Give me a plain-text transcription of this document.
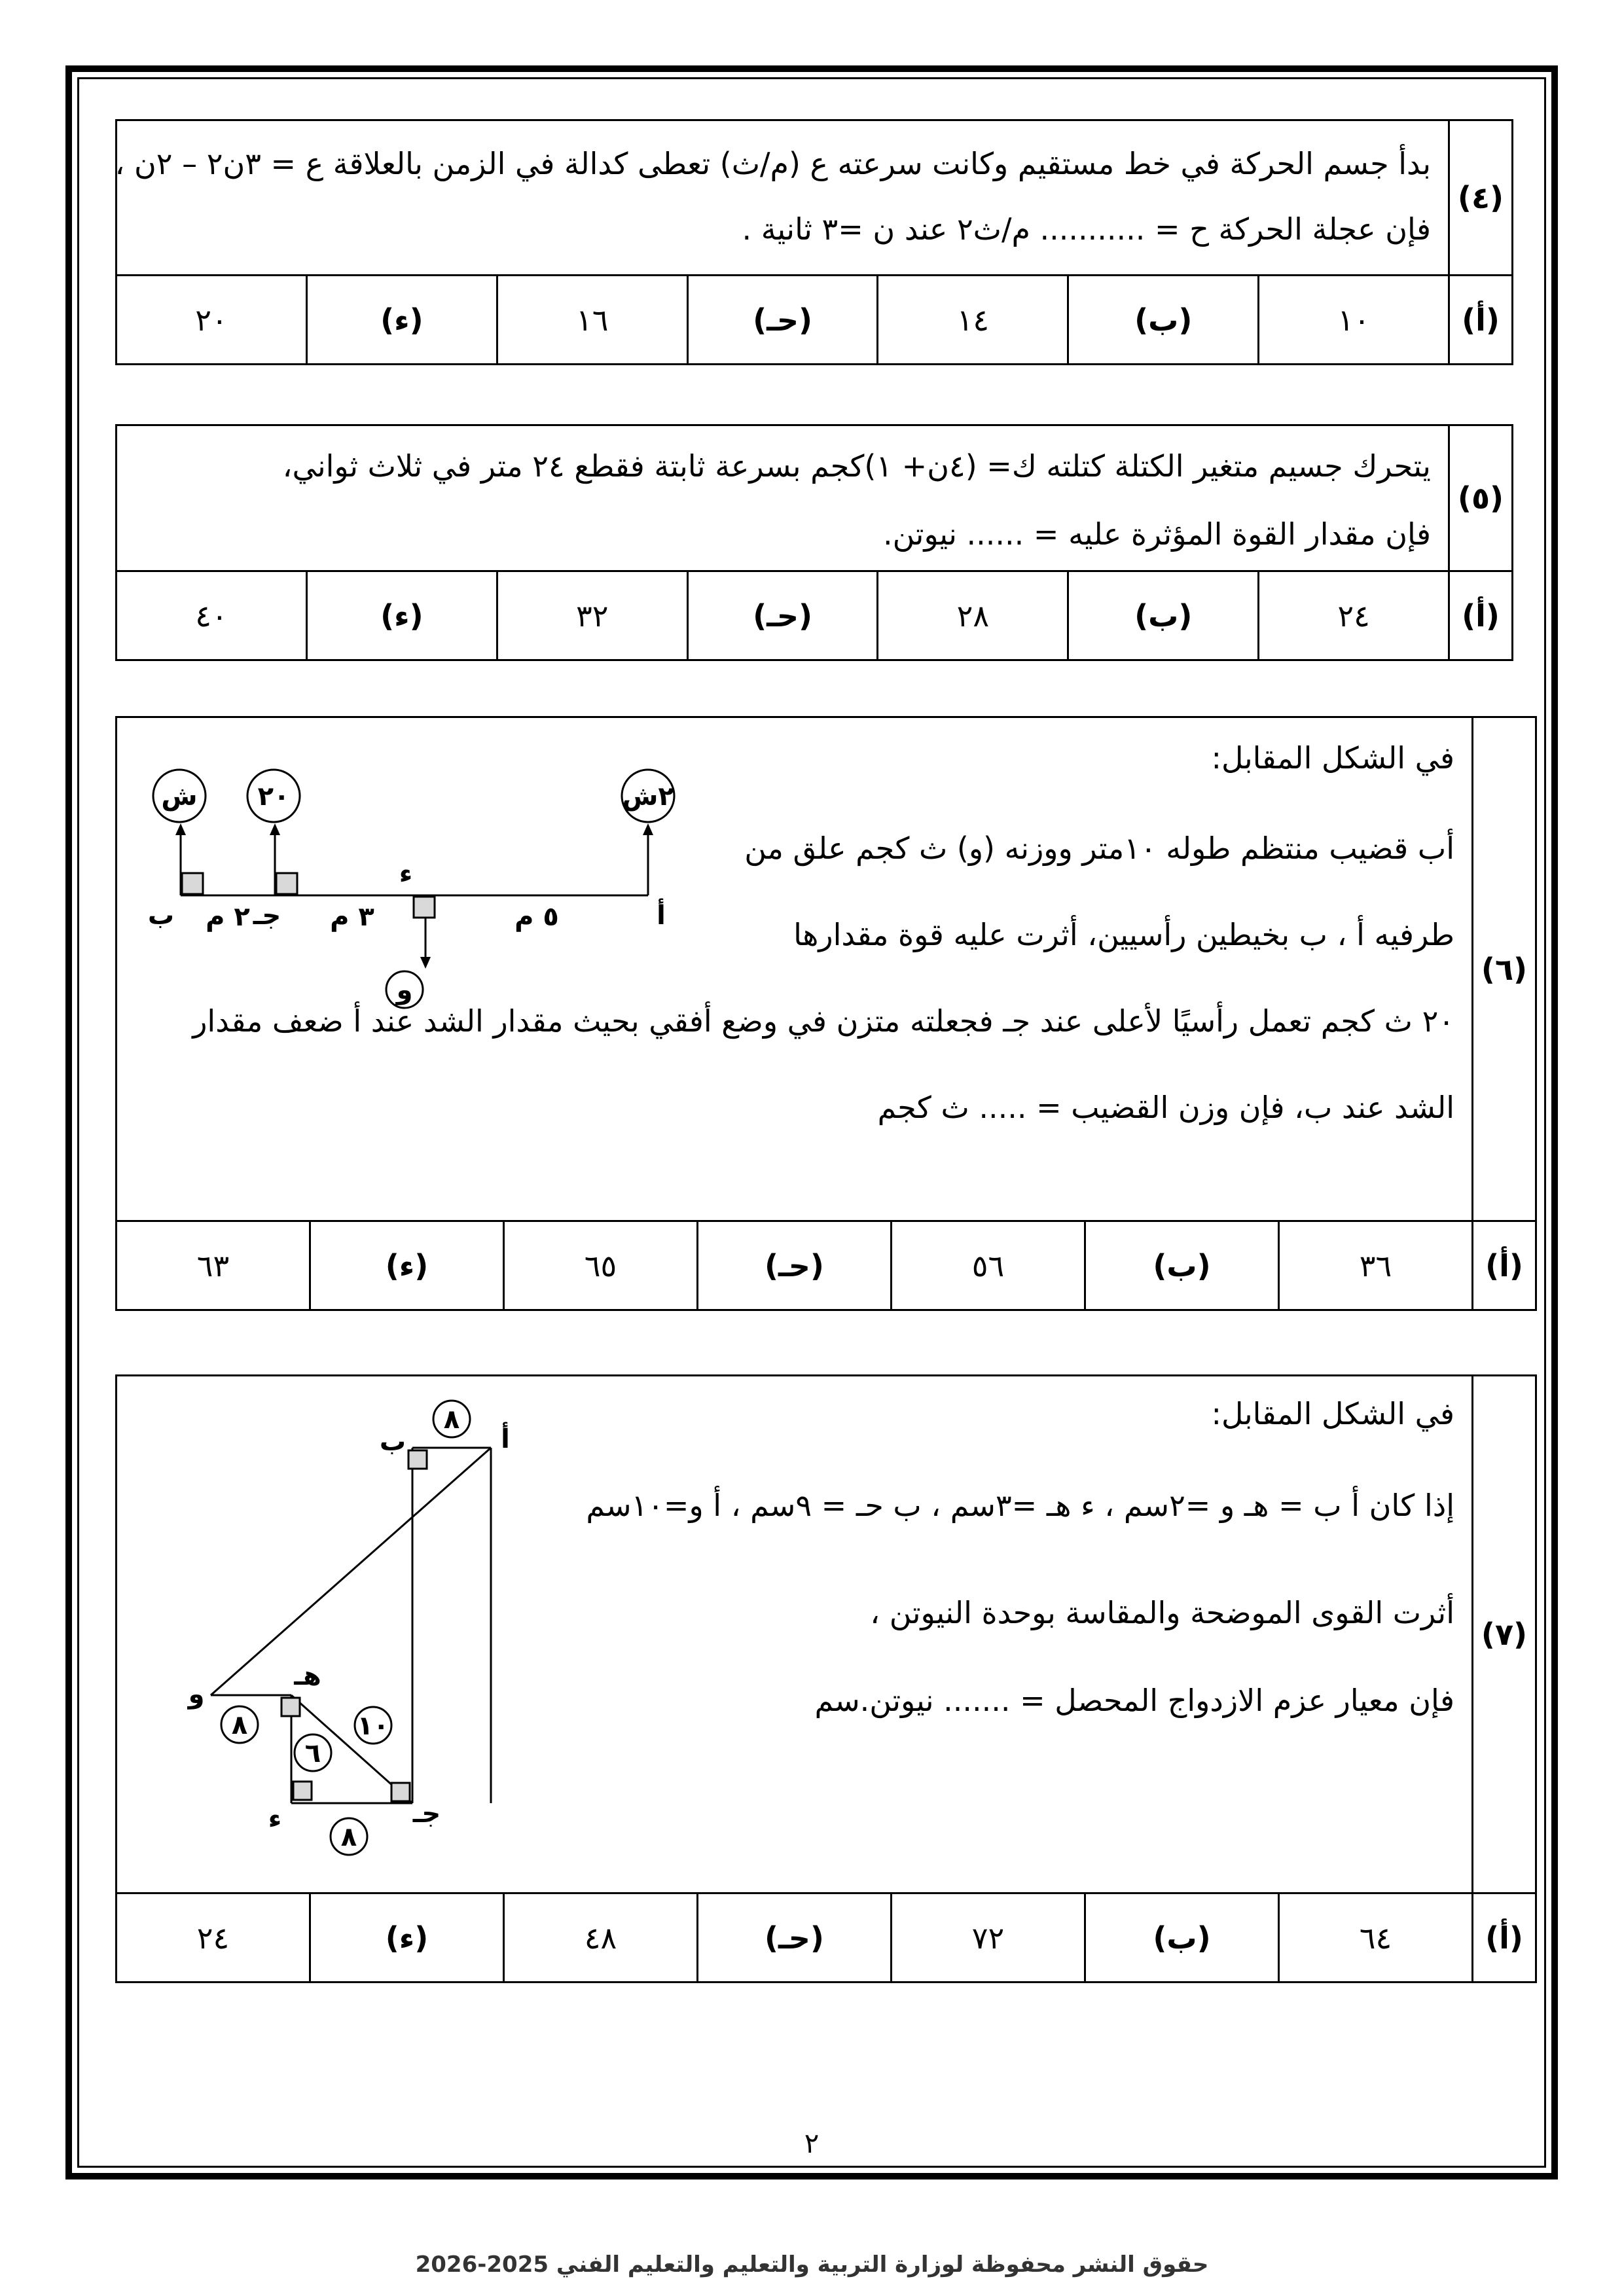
(٤)	بدأ جسم الحركة في خط مستقيم وكانت سرعته ع (م/ث) تعطى كدالة في الزمن بالعلاقة ع = ٣ن٢ – ٢ن ،
فإن عجلة الحركة ح = ........... م/ث٢ عند ن =٣ ثانية .						

(أ)	١٠	(ب)	١٤	(حـ)	١٦	(ء)	٢٠
(٥)	يتحرك جسيم متغير الكتلة كتلته ك= (٤ن+ ١)كجم بسرعة ثابتة فقطع ٢٤ متر في ثلاث ثواني،
فإن مقدار القوة المؤثرة عليه = ...... نيوتن.						

(أ)	٢٤	(ب)	٢٨	(حـ)	٣٢	(ء)	٤٠
(٦)	في الشكل المقابل:
أب قضيب منتظم طوله ١٠متر ووزنه (و) ث كجم علق من
طرفيه أ ، ب بخيطين رأسيين، أثرت عليه قوة مقدارها
٢٠ ث كجم تعمل رأسيًا لأعلى عند جـ فجعلته متزن في وضع أفقي بحيث مقدار الشد عند أ ضعف مقدار
الشد عند ب، فإن وزن القضيب = ..... ث كجم						

(أ)	٣٦	(ب)	٥٦	(حـ)	٦٥	(ء)	٦٣
٢ش
٢٠
ش
و
أ
ب	جـ
ء
٥ م
٣ م
٢ م
(٧)	في الشكل المقابل:
إذا كان أ ب = هـ و =٢سم ، ء هـ =٣سم ، ب حـ = ٩سم ، أ و=١٠سم
أثرت القوى الموضحة والمقاسة بوحدة النيوتن ،
فإن معيار عزم الازدواج المحصل = ....... نيوتن.سم						

(أ)	٦٤	(ب)	٧٢	(حـ)	٤٨	(ء)	٢٤
٨
٨
٦
١٠
٨
أ
ب
هـ
و
ء	جـ
٢
حقوق النشر محفوظة لوزارة التربية والتعليم والتعليم الفني 2025-2026
